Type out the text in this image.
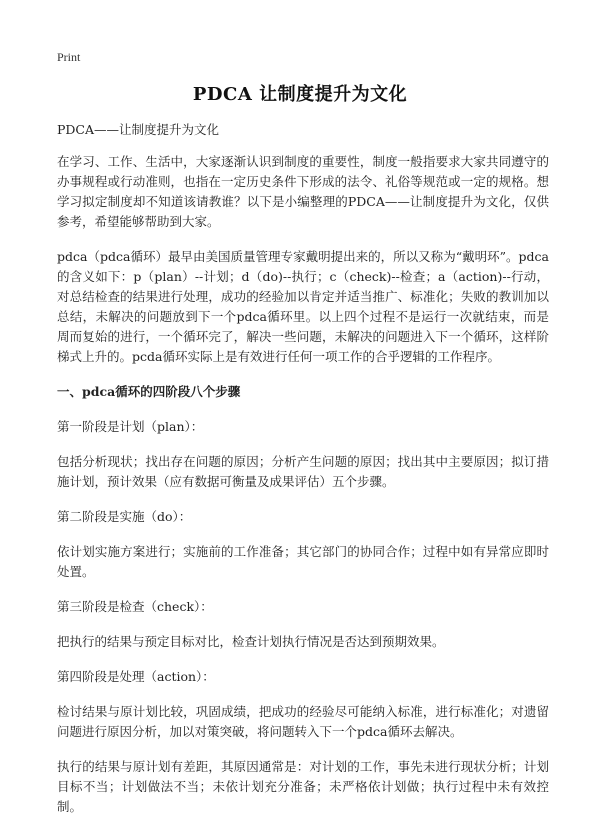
Print
PDCA 让制度提升为文化

PDCA——让制度提升为文化

在学习、工作、生活中，大家逐渐认识到制度的重要性，制度一般指要求大家共同遵守的办事规程或行动准则，也指在一定历史条件下形成的法令、礼俗等规范或一定的规格。想学习拟定制度却不知道该请教谁？以下是小编整理的PDCA——让制度提升为文化，仅供参考，希望能够帮助到大家。

pdca（pdca循环）最早由美国质量管理专家戴明提出来的，所以又称为“戴明环”。pdca的含义如下：p（plan）--计划；d（do)--执行；c（check)--检查；a（action)--行动，对总结检查的结果进行处理，成功的经验加以肯定并适当推广、标准化；失败的教训加以总结，未解决的问题放到下一个pdca循环里。以上四个过程不是运行一次就结束，而是周而复始的进行，一个循环完了，解决一些问题，未解决的问题进入下一个循环，这样阶梯式上升的。pcda循环实际上是有效进行任何一项工作的合乎逻辑的工作程序。

一、pdca循环的四阶段八个步骤

第一阶段是计划（plan）：

包括分析现状；找出存在问题的原因；分析产生问题的原因；找出其中主要原因；拟订措施计划，预计效果（应有数据可衡量及成果评估）五个步骤。

第二阶段是实施（do）：

依计划实施方案进行；实施前的工作准备；其它部门的协同合作；过程中如有异常应即时处置。

第三阶段是检查（check）：

把执行的结果与预定目标对比，检查计划执行情况是否达到预期效果。

第四阶段是处理（action）：

检讨结果与原计划比较，巩固成绩，把成功的经验尽可能纳入标准，进行标准化；对遗留问题进行原因分析，加以对策突破，将问题转入下一个pdca循环去解决。

执行的结果与原计划有差距，其原因通常是：对计划的工作，事先未进行现状分析；计划目标不当；计划做法不当；未依计划充分准备；未严格依计划做；执行过程中未有效控制。
